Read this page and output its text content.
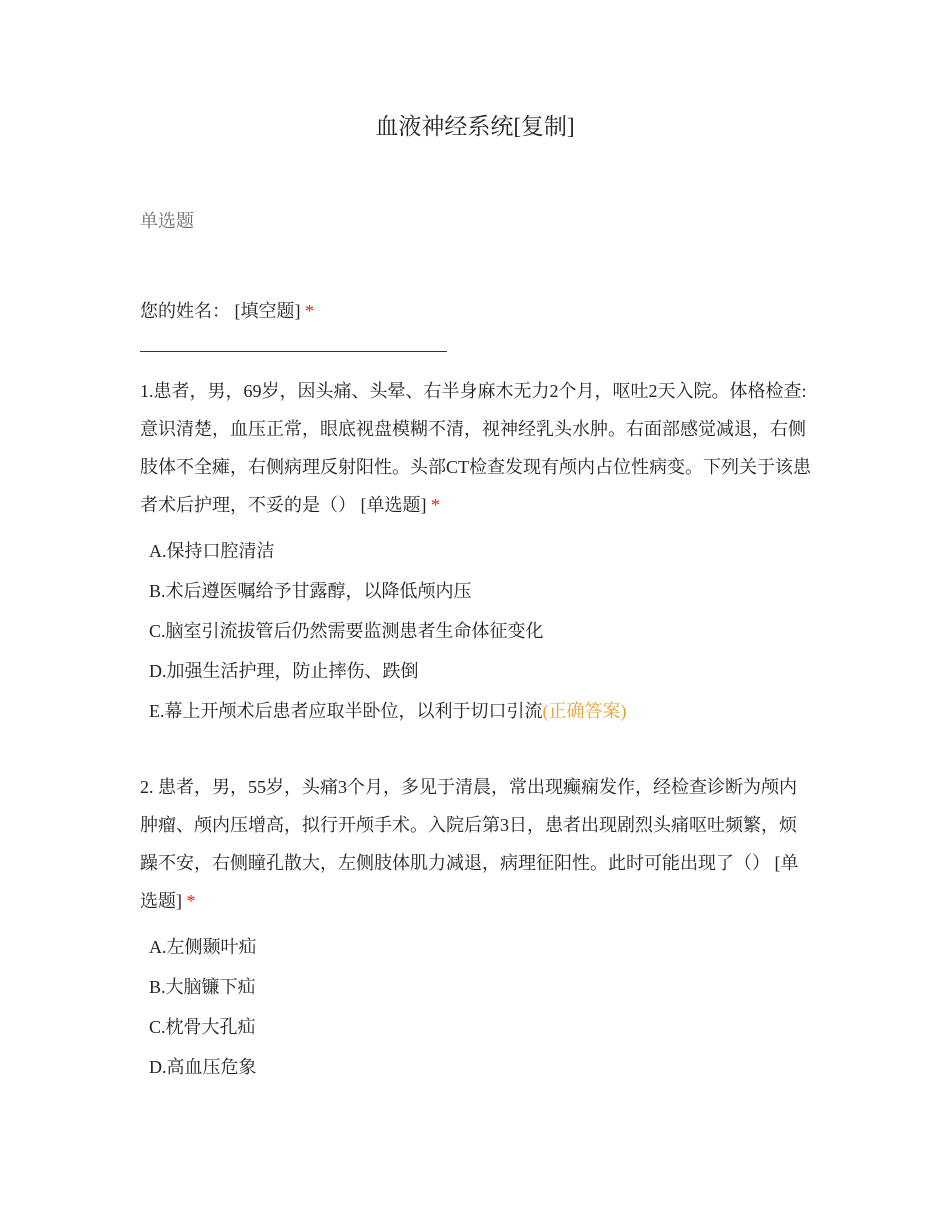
血液神经系统[复制]
单选题
您的姓名： [填空题] *
1.患者，男，69岁，因头痛、头晕、右半身麻木无力2个月，呕吐2天入院。体格检查:意识清楚，血压正常，眼底视盘模糊不清，视神经乳头水肿。右面部感觉减退，右侧肢体不全瘫，右侧病理反射阳性。头部CT检查发现有颅内占位性病变。下列关于该患者术后护理，不妥的是（） [单选题] *
A.保持口腔清洁
B.术后遵医嘱给予甘露醇，以降低颅内压
C.脑室引流拔管后仍然需要监测患者生命体征变化
D.加强生活护理，防止摔伤、跌倒
E.幕上开颅术后患者应取半卧位，以利于切口引流(正确答案)
2. 患者，男，55岁，头痛3个月，多见于清晨，常出现癫痫发作，经检查诊断为颅内肿瘤、颅内压增高，拟行开颅手术。入院后第3日，患者出现剧烈头痛呕吐频繁，烦躁不安，右侧瞳孔散大，左侧肢体肌力减退，病理征阳性。此时可能出现了（） [单选题] *
A.左侧颞叶疝
B.大脑镰下疝
C.枕骨大孔疝
D.高血压危象
